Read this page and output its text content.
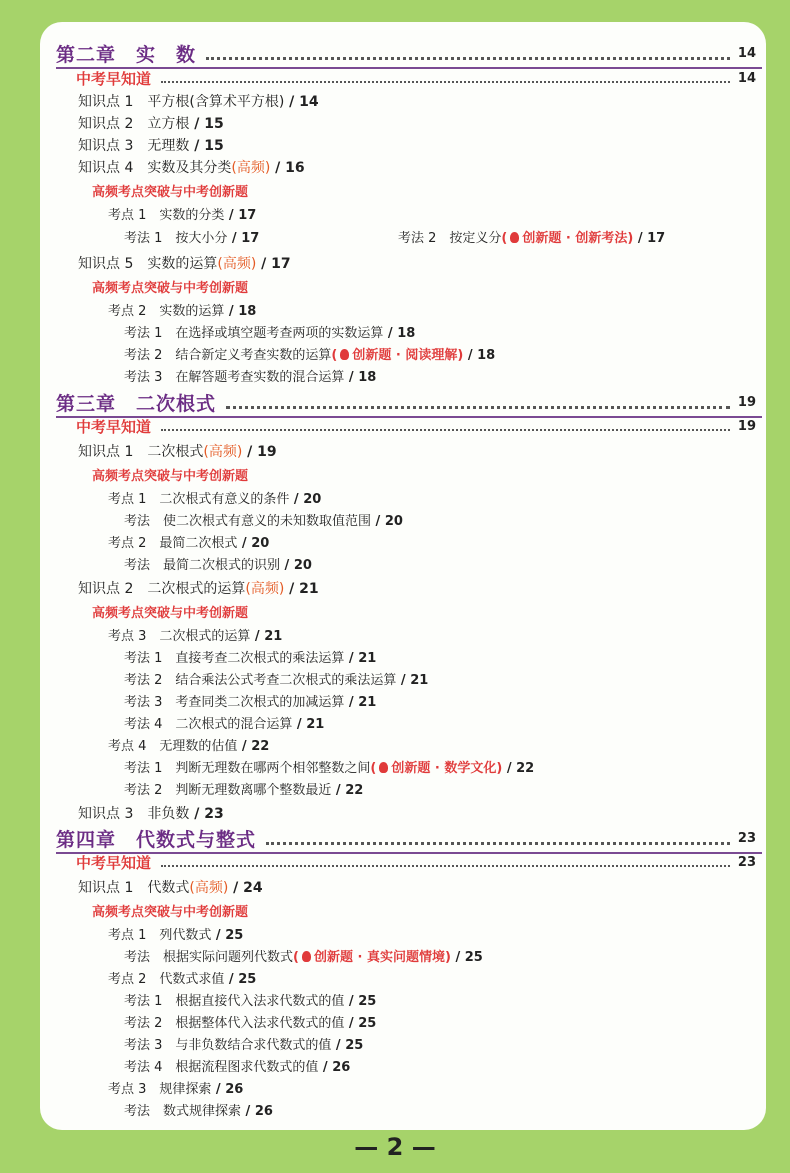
第二章　实　数	14
中考早知道	14
知识点 1　平方根(含算术平方根) / 14
知识点 2　立方根 / 15
知识点 3　无理数 / 15
知识点 4　实数及其分类(高频) / 16
高频考点突破与中考创新题
考点 1　实数的分类 / 17
考法 1　按大小分 / 17	考法 2　按定义分( 创新题 · 创新考法) / 17
知识点 5　实数的运算(高频) / 17
高频考点突破与中考创新题
考点 2　实数的运算 / 18
考法 1　在选择或填空题考查两项的实数运算 / 18
考法 2　结合新定义考查实数的运算( 创新题 · 阅读理解) / 18
考法 3　在解答题考查实数的混合运算 / 18
第三章　二次根式	19
中考早知道	19
知识点 1　二次根式(高频) / 19
高频考点突破与中考创新题
考点 1　二次根式有意义的条件 / 20
考法　使二次根式有意义的未知数取值范围 / 20
考点 2　最简二次根式 / 20
考法　最简二次根式的识别 / 20
知识点 2　二次根式的运算(高频) / 21
高频考点突破与中考创新题
考点 3　二次根式的运算 / 21
考法 1　直接考查二次根式的乘法运算 / 21
考法 2　结合乘法公式考查二次根式的乘法运算 / 21
考法 3　考查同类二次根式的加减运算 / 21
考法 4　二次根式的混合运算 / 21
考点 4　无理数的估值 / 22
考法 1　判断无理数在哪两个相邻整数之间( 创新题 · 数学文化) / 22
考法 2　判断无理数离哪个整数最近 / 22
知识点 3　非负数 / 23
第四章　代数式与整式	23
中考早知道	23
知识点 1　代数式(高频) / 24
高频考点突破与中考创新题
考点 1　列代数式 / 25
考法　根据实际问题列代数式( 创新题 · 真实问题情境) / 25
考点 2　代数式求值 / 25
考法 1　根据直接代入法求代数式的值 / 25
考法 2　根据整体代入法求代数式的值 / 25
考法 3　与非负数结合求代数式的值 / 25
考法 4　根据流程图求代数式的值 / 26
考点 3　规律探索 / 26
考法　数式规律探索 / 26
— 2 —
